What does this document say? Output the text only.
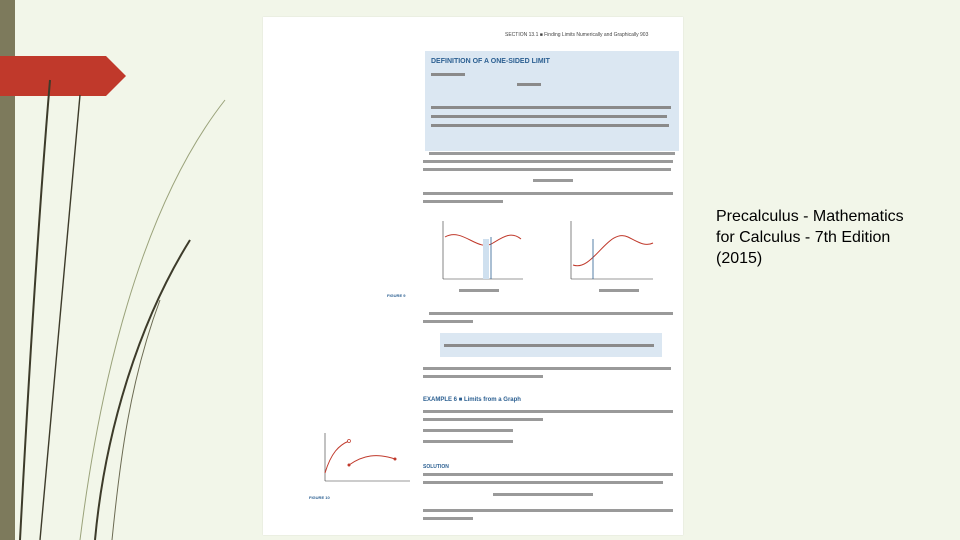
SECTION 13.1 ■ Finding Limits Numerically and Graphically 903
DEFINITION OF A ONE-SIDED LIMIT
FIGURE 9
EXAMPLE 6 ■ Limits from a Graph
FIGURE 10
SOLUTION
Precalculus - Mathematics
for Calculus - 7th Edition
(2015)
